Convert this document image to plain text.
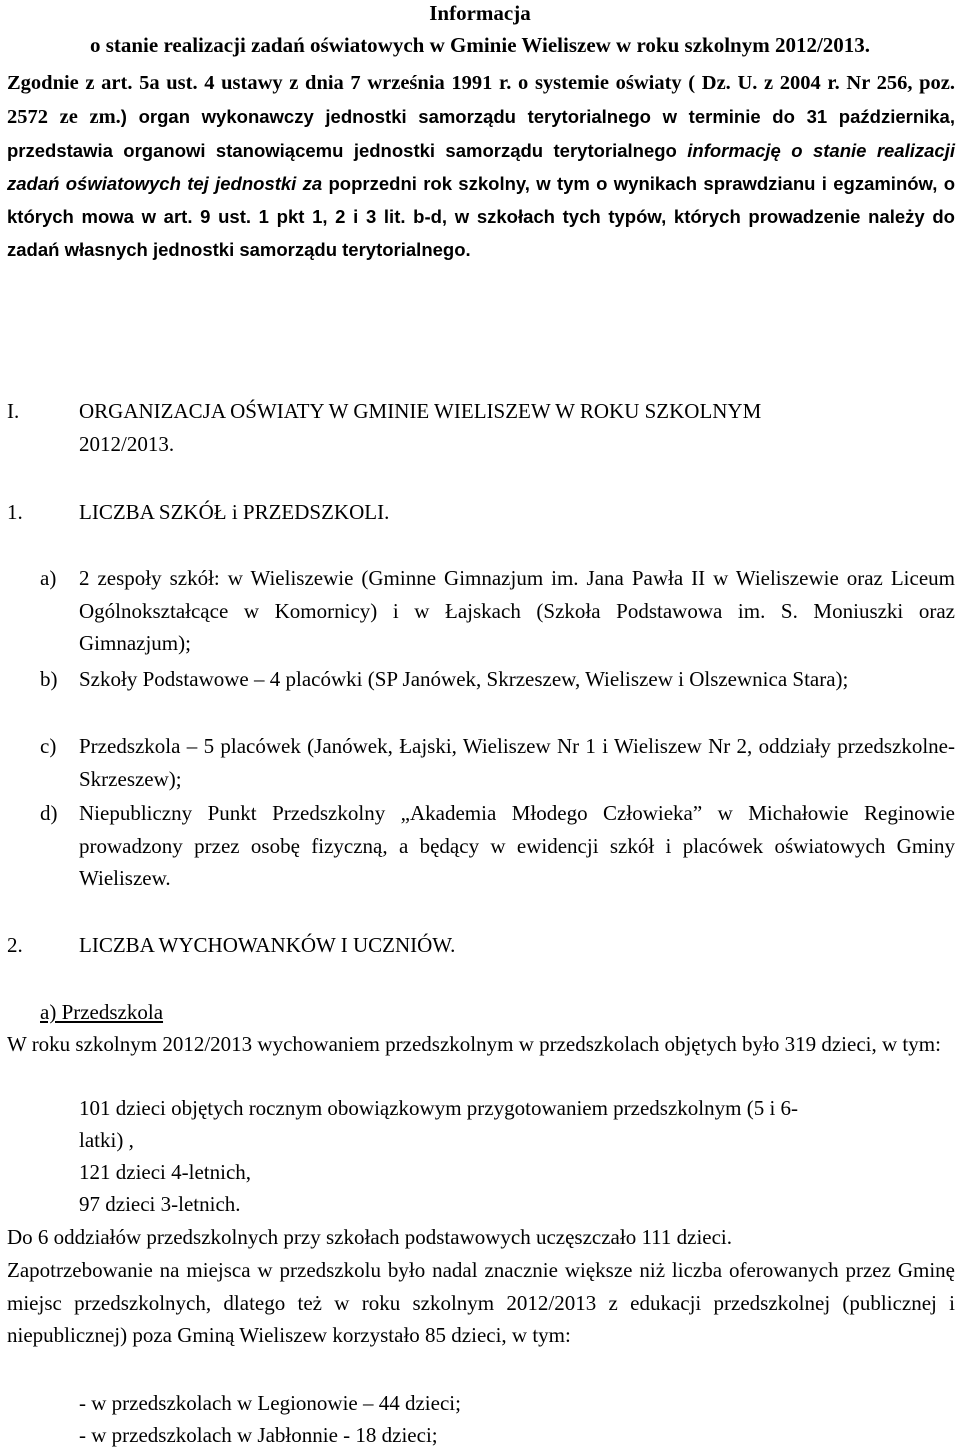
Informacja
o stanie realizacji zadań oświatowych w Gminie Wieliszew w roku szkolnym 2012/2013.
Zgodnie z art. 5a ust. 4 ustawy z dnia 7 września 1991 r. o systemie oświaty ( Dz. U. z 2004 r. Nr 256, poz. 2572 ze zm.) organ wykonawczy jednostki samorządu terytorialnego w terminie do 31 października, przedstawia organowi stanowiącemu jednostki samorządu terytorialnego informację o stanie realizacji zadań oświatowych tej jednostki za poprzedni rok szkolny, w tym o wynikach sprawdzianu i egzaminów, o których mowa w art. 9 ust. 1 pkt 1, 2 i 3 lit. b-d, w szkołach tych typów, których prowadzenie należy do zadań własnych jednostki samorządu terytorialnego.
I.	ORGANIZACJA OŚWIATY W GMINIE WIELISZEW W ROKU SZKOLNYM
2012/2013.
1.	LICZBA SZKÓŁ i PRZEDSZKOLI.
a) 2 zespoły szkół: w Wieliszewie (Gminne Gimnazjum im. Jana Pawła II w Wieliszewie oraz Liceum Ogólnokształcące w Komornicy) i w Łajskach (Szkoła Podstawowa im. S. Moniuszki oraz Gimnazjum);
b) Szkoły Podstawowe – 4 placówki (SP Janówek, Skrzeszew, Wieliszew i Olszewnica Stara);
c) Przedszkola – 5 placówek (Janówek, Łajski, Wieliszew Nr 1 i Wieliszew Nr 2, oddziały przedszkolne- Skrzeszew);
d) Niepubliczny Punkt Przedszkolny „Akademia Młodego Człowieka” w Michałowie Reginowie prowadzony przez osobę fizyczną, a będący w ewidencji szkół i placówek oświatowych Gminy Wieliszew.
2.	LICZBA WYCHOWANKÓW I UCZNIÓW.
a) Przedszkola
W roku szkolnym 2012/2013 wychowaniem przedszkolnym w przedszkolach objętych było 319 dzieci, w tym:
101 dzieci objętych rocznym obowiązkowym przygotowaniem przedszkolnym (5 i 6-
latki) ,
121 dzieci 4-letnich,
97 dzieci 3-letnich.
Do 6 oddziałów przedszkolnych przy szkołach podstawowych uczęszczało 111 dzieci.
Zapotrzebowanie na miejsca w przedszkolu było nadal znacznie większe niż liczba oferowanych przez Gminę miejsc przedszkolnych, dlatego też w roku szkolnym 2012/2013 z edukacji przedszkolnej (publicznej i niepublicznej) poza Gminą Wieliszew korzystało 85 dzieci, w tym:
- w przedszkolach w Legionowie – 44 dzieci;
- w przedszkolach w Jabłonnie - 18 dzieci;
